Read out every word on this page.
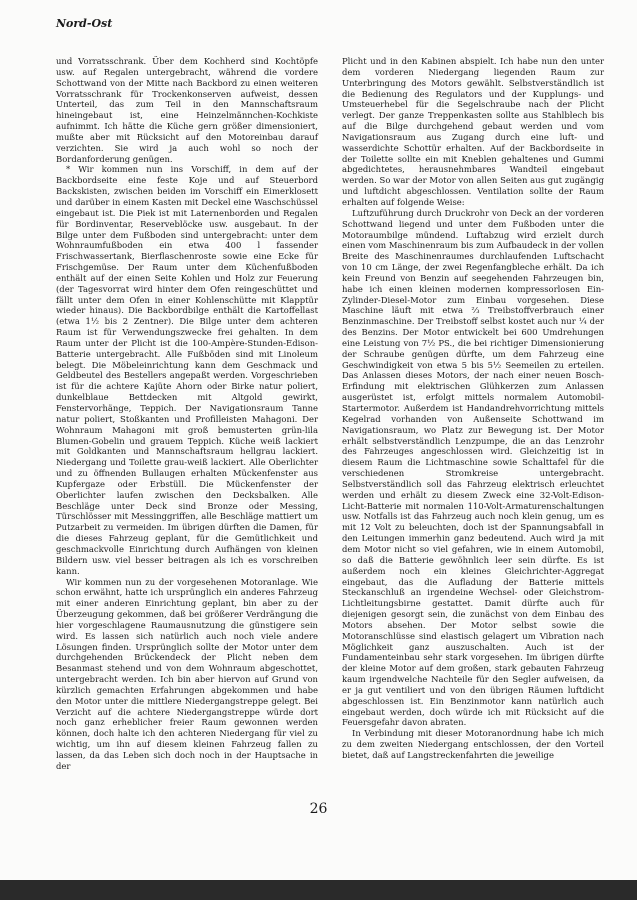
Nord-Ost

und Vorratsschrank. Über dem Kochherd sind Kochtöpfe usw. auf Regalen untergebracht, während die vordere Schottwand von der Mitte nach Backbord zu einen weiteren Vorratsschrank für Trockenkonserven aufweist, dessen Unterteil, das zum Teil in den Mannschaftsraum hineingebaut ist, eine Heinzelmännchen-Kochkiste aufnimmt. Ich hätte die Küche gern größer dimensioniert, mußte aber mit Rücksicht auf den Motoreinbau darauf verzichten. Sie wird ja auch wohl so noch der Bordanforderung genügen.

* Wir kommen nun ins Vorschiff, in dem auf der Backbordseite eine feste Koje und auf Steuerbord Backskisten, zwischen beiden im Vorschiff ein Eimerklosett und darüber in einem Kasten mit Deckel eine Waschschüssel eingebaut ist. Die Piek ist mit Laternenborden und Regalen für Bordinventar, Reserveblöcke usw. ausgebaut. In der Bilge unter dem Fußboden sind untergebracht: unter dem Wohnraumfußboden ein etwa 400 l fassender Frischwassertank, Bierflaschenroste sowie eine Ecke für Frischgemüse. Der Raum unter dem Küchenfußboden enthält auf der einen Seite Kohlen und Holz zur Feuerung (der Tagesvorrat wird hinter dem Ofen reingeschüttet und fällt unter dem Ofen in einer Kohlenschütte mit Klapptür wieder hinaus). Die Backbordbilge enthält die Kartoffellast (etwa 1½ bis 2 Zentner). Die Bilge unter dem achteren Raum ist für Verwendungszwecke frei gehalten. In dem Raum unter der Plicht ist die 100-Ampère-Stunden-Edison-Batterie untergebracht. Alle Fußböden sind mit Linoleum belegt. Die Möbeleinrichtung kann dem Geschmack und Geldbeutel des Bestellers angepaßt werden. Vorgeschrieben ist für die achtere Kajüte Ahorn oder Birke natur poliert, dunkelblaue Bettdecken mit Altgold gewirkt, Fenstervorhänge, Teppich. Der Navigationsraum Tanne natur poliert, Stoßkanten und Profilleisten Mahagoni. Der Wohnraum Mahagoni mit groß bemusterten grün-lila Blumen-Gobelin und grauem Teppich. Küche weiß lackiert mit Goldkanten und Mannschaftsraum hellgrau lackiert. Niedergang und Toilette grau-weiß lackiert. Alle Oberlichter und zu öffnenden Bullaugen erhalten Mückenfenster aus Kupfergaze oder Erbstüll. Die Mückenfenster der Oberlichter laufen zwischen den Decksbalken. Alle Beschläge unter Deck sind Bronze oder Messing, Türschlösser mit Messinggriffen, alle Beschläge mattiert um Putzarbeit zu vermeiden. Im übrigen dürften die Damen, für die dieses Fahrzeug geplant, für die Gemütlichkeit und geschmackvolle Einrichtung durch Aufhängen von kleinen Bildern usw. viel besser beitragen als ich es vorschreiben kann.

Wir kommen nun zu der vorgesehenen Motoranlage. Wie schon erwähnt, hatte ich ursprünglich ein anderes Fahrzeug mit einer anderen Einrichtung geplant, bin aber zu der Überzeugung gekommen, daß bei größerer Verdrängung die hier vorgeschlagene Raumausnutzung die günstigere sein wird. Es lassen sich natürlich auch noch viele andere Lösungen finden. Ursprünglich sollte der Motor unter dem durchgehenden Brückendeck der Plicht neben dem Besanmast stehend und von dem Wohnraum abgeschottet, untergebracht werden. Ich bin aber hiervon auf Grund von kürzlich gemachten Erfahrungen abgekommen und habe den Motor unter die mittlere Niedergangstreppe gelegt. Bei Verzicht auf die achtere Niedergangstreppe würde dort noch ganz erheblicher freier Raum gewonnen werden können, doch halte ich den achteren Niedergang für viel zu wichtig, um ihn auf diesem kleinen Fahrzeug fallen zu lassen, da das Leben sich doch noch in der Hauptsache in der

Plicht und in den Kabinen abspielt. Ich habe nun den unter dem vorderen Niedergang liegenden Raum zur Unterbringung des Motors gewählt. Selbstverständlich ist die Bedienung des Regulators und der Kupplungs- und Umsteuerhebel für die Segelschraube nach der Plicht verlegt. Der ganze Treppenkasten sollte aus Stahlblech bis auf die Bilge durchgehend gebaut werden und vom Navigationsraum aus Zugang durch eine luft- und wasserdichte Schottür erhalten. Auf der Backbordseite in der Toilette sollte ein mit Kneblen gehaltenes und Gummi abgedichtetes, herausnehmbares Wandteil eingebaut werden. So war der Motor von allen Seiten aus gut zugängig und luftdicht abgeschlossen. Ventilation sollte der Raum erhalten auf folgende Weise:

Luftzuführung durch Druckrohr von Deck an der vorderen Schottwand liegend und unter dem Fußboden unter die Motoraumbilge mündend. Luftabzug wird erzielt durch einen vom Maschinenraum bis zum Aufbaudeck in der vollen Breite des Maschinenraumes durchlaufenden Luftschacht von 10 cm Länge, der zwei Regenfangbleche erhält. Da ich kein Freund von Benzin auf seegehenden Fahrzeugen bin, habe ich einen kleinen modernen kompressorlosen Ein-Zylinder-Diesel-Motor zum Einbau vorgesehen. Diese Maschine läuft mit etwa ⅔ Treibstoffverbrauch einer Benzinmaschine. Der Treibstoff selbst kostet auch nur ¼ der des Benzins. Der Motor entwickelt bei 600 Umdrehungen eine Leistung von 7½ PS., die bei richtiger Dimensionierung der Schraube genügen dürfte, um dem Fahrzeug eine Geschwindigkeit von etwa 5 bis 5½ Seemeilen zu erteilen. Das Anlassen dieses Motors, der nach einer neuen Bosch-Erfindung mit elektrischen Glühkerzen zum Anlassen ausgerüstet ist, erfolgt mittels normalem Automobil-Startermotor. Außerdem ist Handandrehvorrichtung mittels Kegelrad vorhanden von Außenseite Schottwand im Navigationsraum, wo Platz zur Bewegung ist. Der Motor erhält selbstverständlich Lenzpumpe, die an das Lenzrohr des Fahrzeuges angeschlossen wird. Gleichzeitig ist in diesem Raum die Lichtmaschine sowie Schalttafel für die verschiedenen Stromkreise untergebracht. Selbstverständlich soll das Fahrzeug elektrisch erleuchtet werden und erhält zu diesem Zweck eine 32-Volt-Edison-Licht-Batterie mit normalen 110-Volt-Armaturenschaltungen usw. Notfalls ist das Fahrzeug auch noch klein genug, um es mit 12 Volt zu beleuchten, doch ist der Spannungsabfall in den Leitungen immerhin ganz bedeutend. Auch wird ja mit dem Motor nicht so viel gefahren, wie in einem Automobil, so daß die Batterie gewöhnlich leer sein dürfte. Es ist außerdem noch ein kleines Gleichrichter-Aggregat eingebaut, das die Aufladung der Batterie mittels Steckanschluß an irgendeine Wechsel- oder Gleichstrom-Lichtleitungsbirne gestattet. Damit dürfte auch für diejenigen gesorgt sein, die zunächst von dem Einbau des Motors absehen. Der Motor selbst sowie die Motoranschlüsse sind elastisch gelagert um Vibration nach Möglichkeit ganz auszuschalten. Auch ist der Fundamenteinbau sehr stark vorgesehen. Im übrigen dürfte der kleine Motor auf dem großen, stark gebauten Fahrzeug kaum irgendwelche Nachteile für den Segler aufweisen, da er ja gut ventiliert und von den übrigen Räumen luftdicht abgeschlossen ist. Ein Benzinmotor kann natürlich auch eingebaut werden, doch würde ich mit Rücksicht auf die Feuersgefahr davon abraten.

In Verbindung mit dieser Motoranordnung habe ich mich zu dem zweiten Niedergang entschlossen, der den Vorteil bietet, daß auf Langstreckenfahrten die jeweilige

26
